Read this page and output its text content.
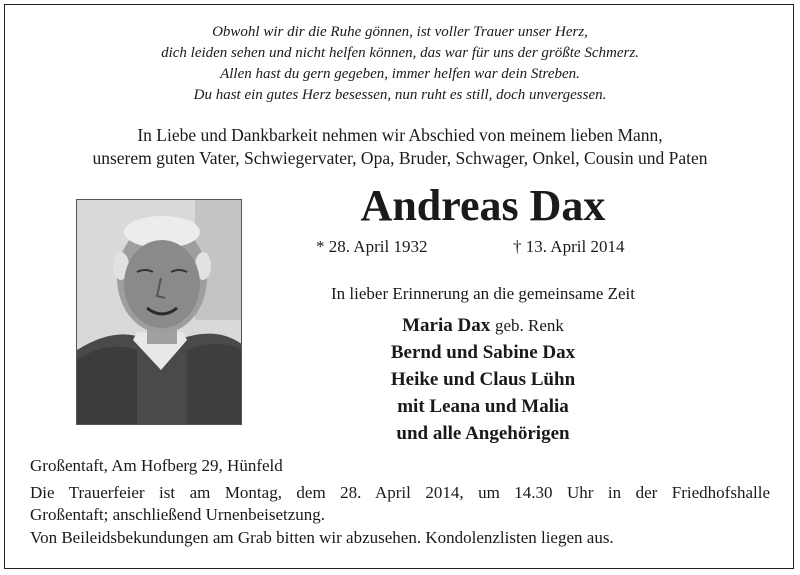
Obwohl wir dir die Ruhe gönnen, ist voller Trauer unser Herz,
dich leiden sehen und nicht helfen können, das war für uns der größte Schmerz.
Allen hast du gern gegeben, immer helfen war dein Streben.
Du hast ein gutes Herz besessen, nun ruht es still, doch unvergessen.
In Liebe und Dankbarkeit nehmen wir Abschied von meinem lieben Mann,
unserem guten Vater, Schwiegervater, Opa, Bruder, Schwager, Onkel, Cousin und Paten
Andreas Dax
* 28. April 1932	† 13. April 2014
In lieber Erinnerung an die gemeinsame Zeit
Maria Dax geb. Renk
Bernd und Sabine Dax
Heike und Claus Lühn
mit Leana und Malia
und alle Angehörigen
Großentaft, Am Hofberg 29, Hünfeld
Die Trauerfeier ist am Montag, dem 28. April 2014, um 14.30 Uhr in der Friedhofshalle
Großentaft; anschließend Urnenbeisetzung.
Von Beileidsbekundungen am Grab bitten wir abzusehen. Kondolenzlisten liegen aus.
